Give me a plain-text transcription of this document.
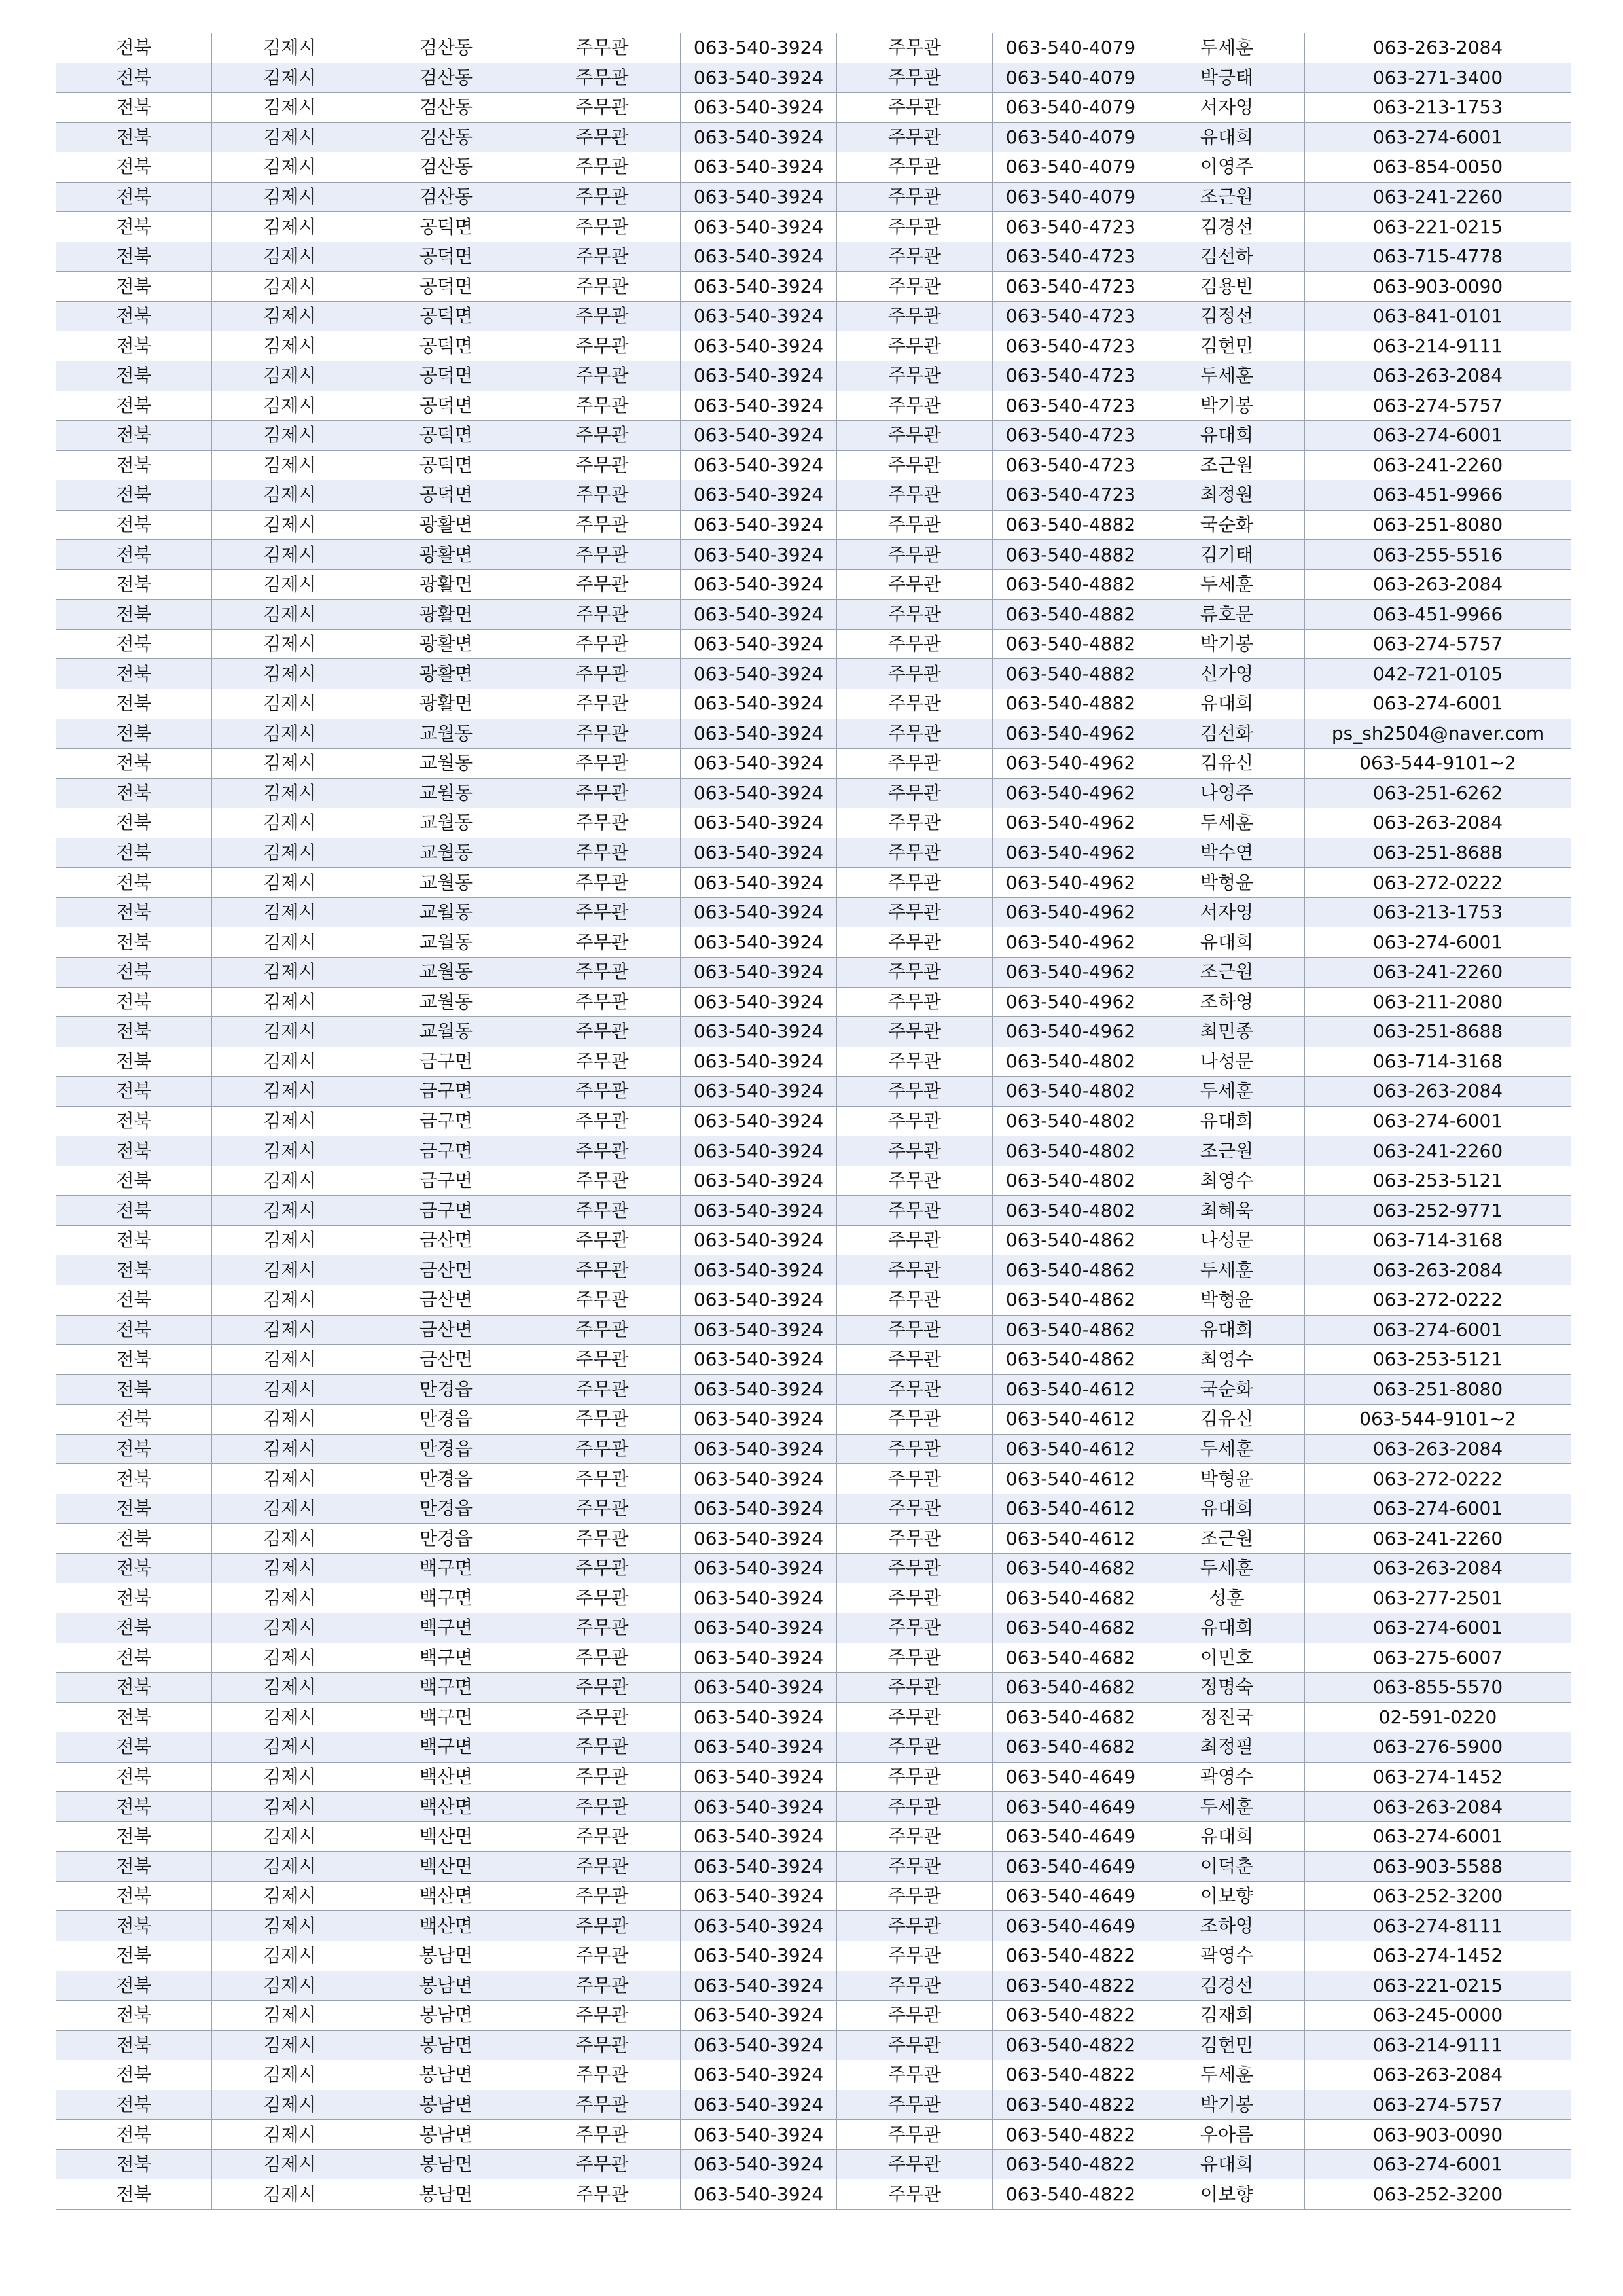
전북	김제시	검산동	주무관	063-540-3924	주무관	063-540-4079	두세훈	063-263-2084
전북	김제시	검산동	주무관	063-540-3924	주무관	063-540-4079	박긍태	063-271-3400
전북	김제시	검산동	주무관	063-540-3924	주무관	063-540-4079	서자영	063-213-1753
전북	김제시	검산동	주무관	063-540-3924	주무관	063-540-4079	유대희	063-274-6001
전북	김제시	검산동	주무관	063-540-3924	주무관	063-540-4079	이영주	063-854-0050
전북	김제시	검산동	주무관	063-540-3924	주무관	063-540-4079	조근원	063-241-2260
전북	김제시	공덕면	주무관	063-540-3924	주무관	063-540-4723	김경선	063-221-0215
전북	김제시	공덕면	주무관	063-540-3924	주무관	063-540-4723	김선하	063-715-4778
전북	김제시	공덕면	주무관	063-540-3924	주무관	063-540-4723	김용빈	063-903-0090
전북	김제시	공덕면	주무관	063-540-3924	주무관	063-540-4723	김정선	063-841-0101
전북	김제시	공덕면	주무관	063-540-3924	주무관	063-540-4723	김현민	063-214-9111
전북	김제시	공덕면	주무관	063-540-3924	주무관	063-540-4723	두세훈	063-263-2084
전북	김제시	공덕면	주무관	063-540-3924	주무관	063-540-4723	박기봉	063-274-5757
전북	김제시	공덕면	주무관	063-540-3924	주무관	063-540-4723	유대희	063-274-6001
전북	김제시	공덕면	주무관	063-540-3924	주무관	063-540-4723	조근원	063-241-2260
전북	김제시	공덕면	주무관	063-540-3924	주무관	063-540-4723	최정원	063-451-9966
전북	김제시	광활면	주무관	063-540-3924	주무관	063-540-4882	국순화	063-251-8080
전북	김제시	광활면	주무관	063-540-3924	주무관	063-540-4882	김기태	063-255-5516
전북	김제시	광활면	주무관	063-540-3924	주무관	063-540-4882	두세훈	063-263-2084
전북	김제시	광활면	주무관	063-540-3924	주무관	063-540-4882	류호문	063-451-9966
전북	김제시	광활면	주무관	063-540-3924	주무관	063-540-4882	박기봉	063-274-5757
전북	김제시	광활면	주무관	063-540-3924	주무관	063-540-4882	신가영	042-721-0105
전북	김제시	광활면	주무관	063-540-3924	주무관	063-540-4882	유대희	063-274-6001
전북	김제시	교월동	주무관	063-540-3924	주무관	063-540-4962	김선화	ps_sh2504@naver.com
전북	김제시	교월동	주무관	063-540-3924	주무관	063-540-4962	김유신	063-544-9101~2
전북	김제시	교월동	주무관	063-540-3924	주무관	063-540-4962	나영주	063-251-6262
전북	김제시	교월동	주무관	063-540-3924	주무관	063-540-4962	두세훈	063-263-2084
전북	김제시	교월동	주무관	063-540-3924	주무관	063-540-4962	박수연	063-251-8688
전북	김제시	교월동	주무관	063-540-3924	주무관	063-540-4962	박형윤	063-272-0222
전북	김제시	교월동	주무관	063-540-3924	주무관	063-540-4962	서자영	063-213-1753
전북	김제시	교월동	주무관	063-540-3924	주무관	063-540-4962	유대희	063-274-6001
전북	김제시	교월동	주무관	063-540-3924	주무관	063-540-4962	조근원	063-241-2260
전북	김제시	교월동	주무관	063-540-3924	주무관	063-540-4962	조하영	063-211-2080
전북	김제시	교월동	주무관	063-540-3924	주무관	063-540-4962	최민종	063-251-8688
전북	김제시	금구면	주무관	063-540-3924	주무관	063-540-4802	나성문	063-714-3168
전북	김제시	금구면	주무관	063-540-3924	주무관	063-540-4802	두세훈	063-263-2084
전북	김제시	금구면	주무관	063-540-3924	주무관	063-540-4802	유대희	063-274-6001
전북	김제시	금구면	주무관	063-540-3924	주무관	063-540-4802	조근원	063-241-2260
전북	김제시	금구면	주무관	063-540-3924	주무관	063-540-4802	최영수	063-253-5121
전북	김제시	금구면	주무관	063-540-3924	주무관	063-540-4802	최혜욱	063-252-9771
전북	김제시	금산면	주무관	063-540-3924	주무관	063-540-4862	나성문	063-714-3168
전북	김제시	금산면	주무관	063-540-3924	주무관	063-540-4862	두세훈	063-263-2084
전북	김제시	금산면	주무관	063-540-3924	주무관	063-540-4862	박형윤	063-272-0222
전북	김제시	금산면	주무관	063-540-3924	주무관	063-540-4862	유대희	063-274-6001
전북	김제시	금산면	주무관	063-540-3924	주무관	063-540-4862	최영수	063-253-5121
전북	김제시	만경읍	주무관	063-540-3924	주무관	063-540-4612	국순화	063-251-8080
전북	김제시	만경읍	주무관	063-540-3924	주무관	063-540-4612	김유신	063-544-9101~2
전북	김제시	만경읍	주무관	063-540-3924	주무관	063-540-4612	두세훈	063-263-2084
전북	김제시	만경읍	주무관	063-540-3924	주무관	063-540-4612	박형윤	063-272-0222
전북	김제시	만경읍	주무관	063-540-3924	주무관	063-540-4612	유대희	063-274-6001
전북	김제시	만경읍	주무관	063-540-3924	주무관	063-540-4612	조근원	063-241-2260
전북	김제시	백구면	주무관	063-540-3924	주무관	063-540-4682	두세훈	063-263-2084
전북	김제시	백구면	주무관	063-540-3924	주무관	063-540-4682	성훈	063-277-2501
전북	김제시	백구면	주무관	063-540-3924	주무관	063-540-4682	유대희	063-274-6001
전북	김제시	백구면	주무관	063-540-3924	주무관	063-540-4682	이민호	063-275-6007
전북	김제시	백구면	주무관	063-540-3924	주무관	063-540-4682	정명숙	063-855-5570
전북	김제시	백구면	주무관	063-540-3924	주무관	063-540-4682	정진국	02-591-0220
전북	김제시	백구면	주무관	063-540-3924	주무관	063-540-4682	최정필	063-276-5900
전북	김제시	백산면	주무관	063-540-3924	주무관	063-540-4649	곽영수	063-274-1452
전북	김제시	백산면	주무관	063-540-3924	주무관	063-540-4649	두세훈	063-263-2084
전북	김제시	백산면	주무관	063-540-3924	주무관	063-540-4649	유대희	063-274-6001
전북	김제시	백산면	주무관	063-540-3924	주무관	063-540-4649	이덕춘	063-903-5588
전북	김제시	백산면	주무관	063-540-3924	주무관	063-540-4649	이보향	063-252-3200
전북	김제시	백산면	주무관	063-540-3924	주무관	063-540-4649	조하영	063-274-8111
전북	김제시	봉남면	주무관	063-540-3924	주무관	063-540-4822	곽영수	063-274-1452
전북	김제시	봉남면	주무관	063-540-3924	주무관	063-540-4822	김경선	063-221-0215
전북	김제시	봉남면	주무관	063-540-3924	주무관	063-540-4822	김재희	063-245-0000
전북	김제시	봉남면	주무관	063-540-3924	주무관	063-540-4822	김현민	063-214-9111
전북	김제시	봉남면	주무관	063-540-3924	주무관	063-540-4822	두세훈	063-263-2084
전북	김제시	봉남면	주무관	063-540-3924	주무관	063-540-4822	박기봉	063-274-5757
전북	김제시	봉남면	주무관	063-540-3924	주무관	063-540-4822	우아름	063-903-0090
전북	김제시	봉남면	주무관	063-540-3924	주무관	063-540-4822	유대희	063-274-6001
전북	김제시	봉남면	주무관	063-540-3924	주무관	063-540-4822	이보향	063-252-3200
